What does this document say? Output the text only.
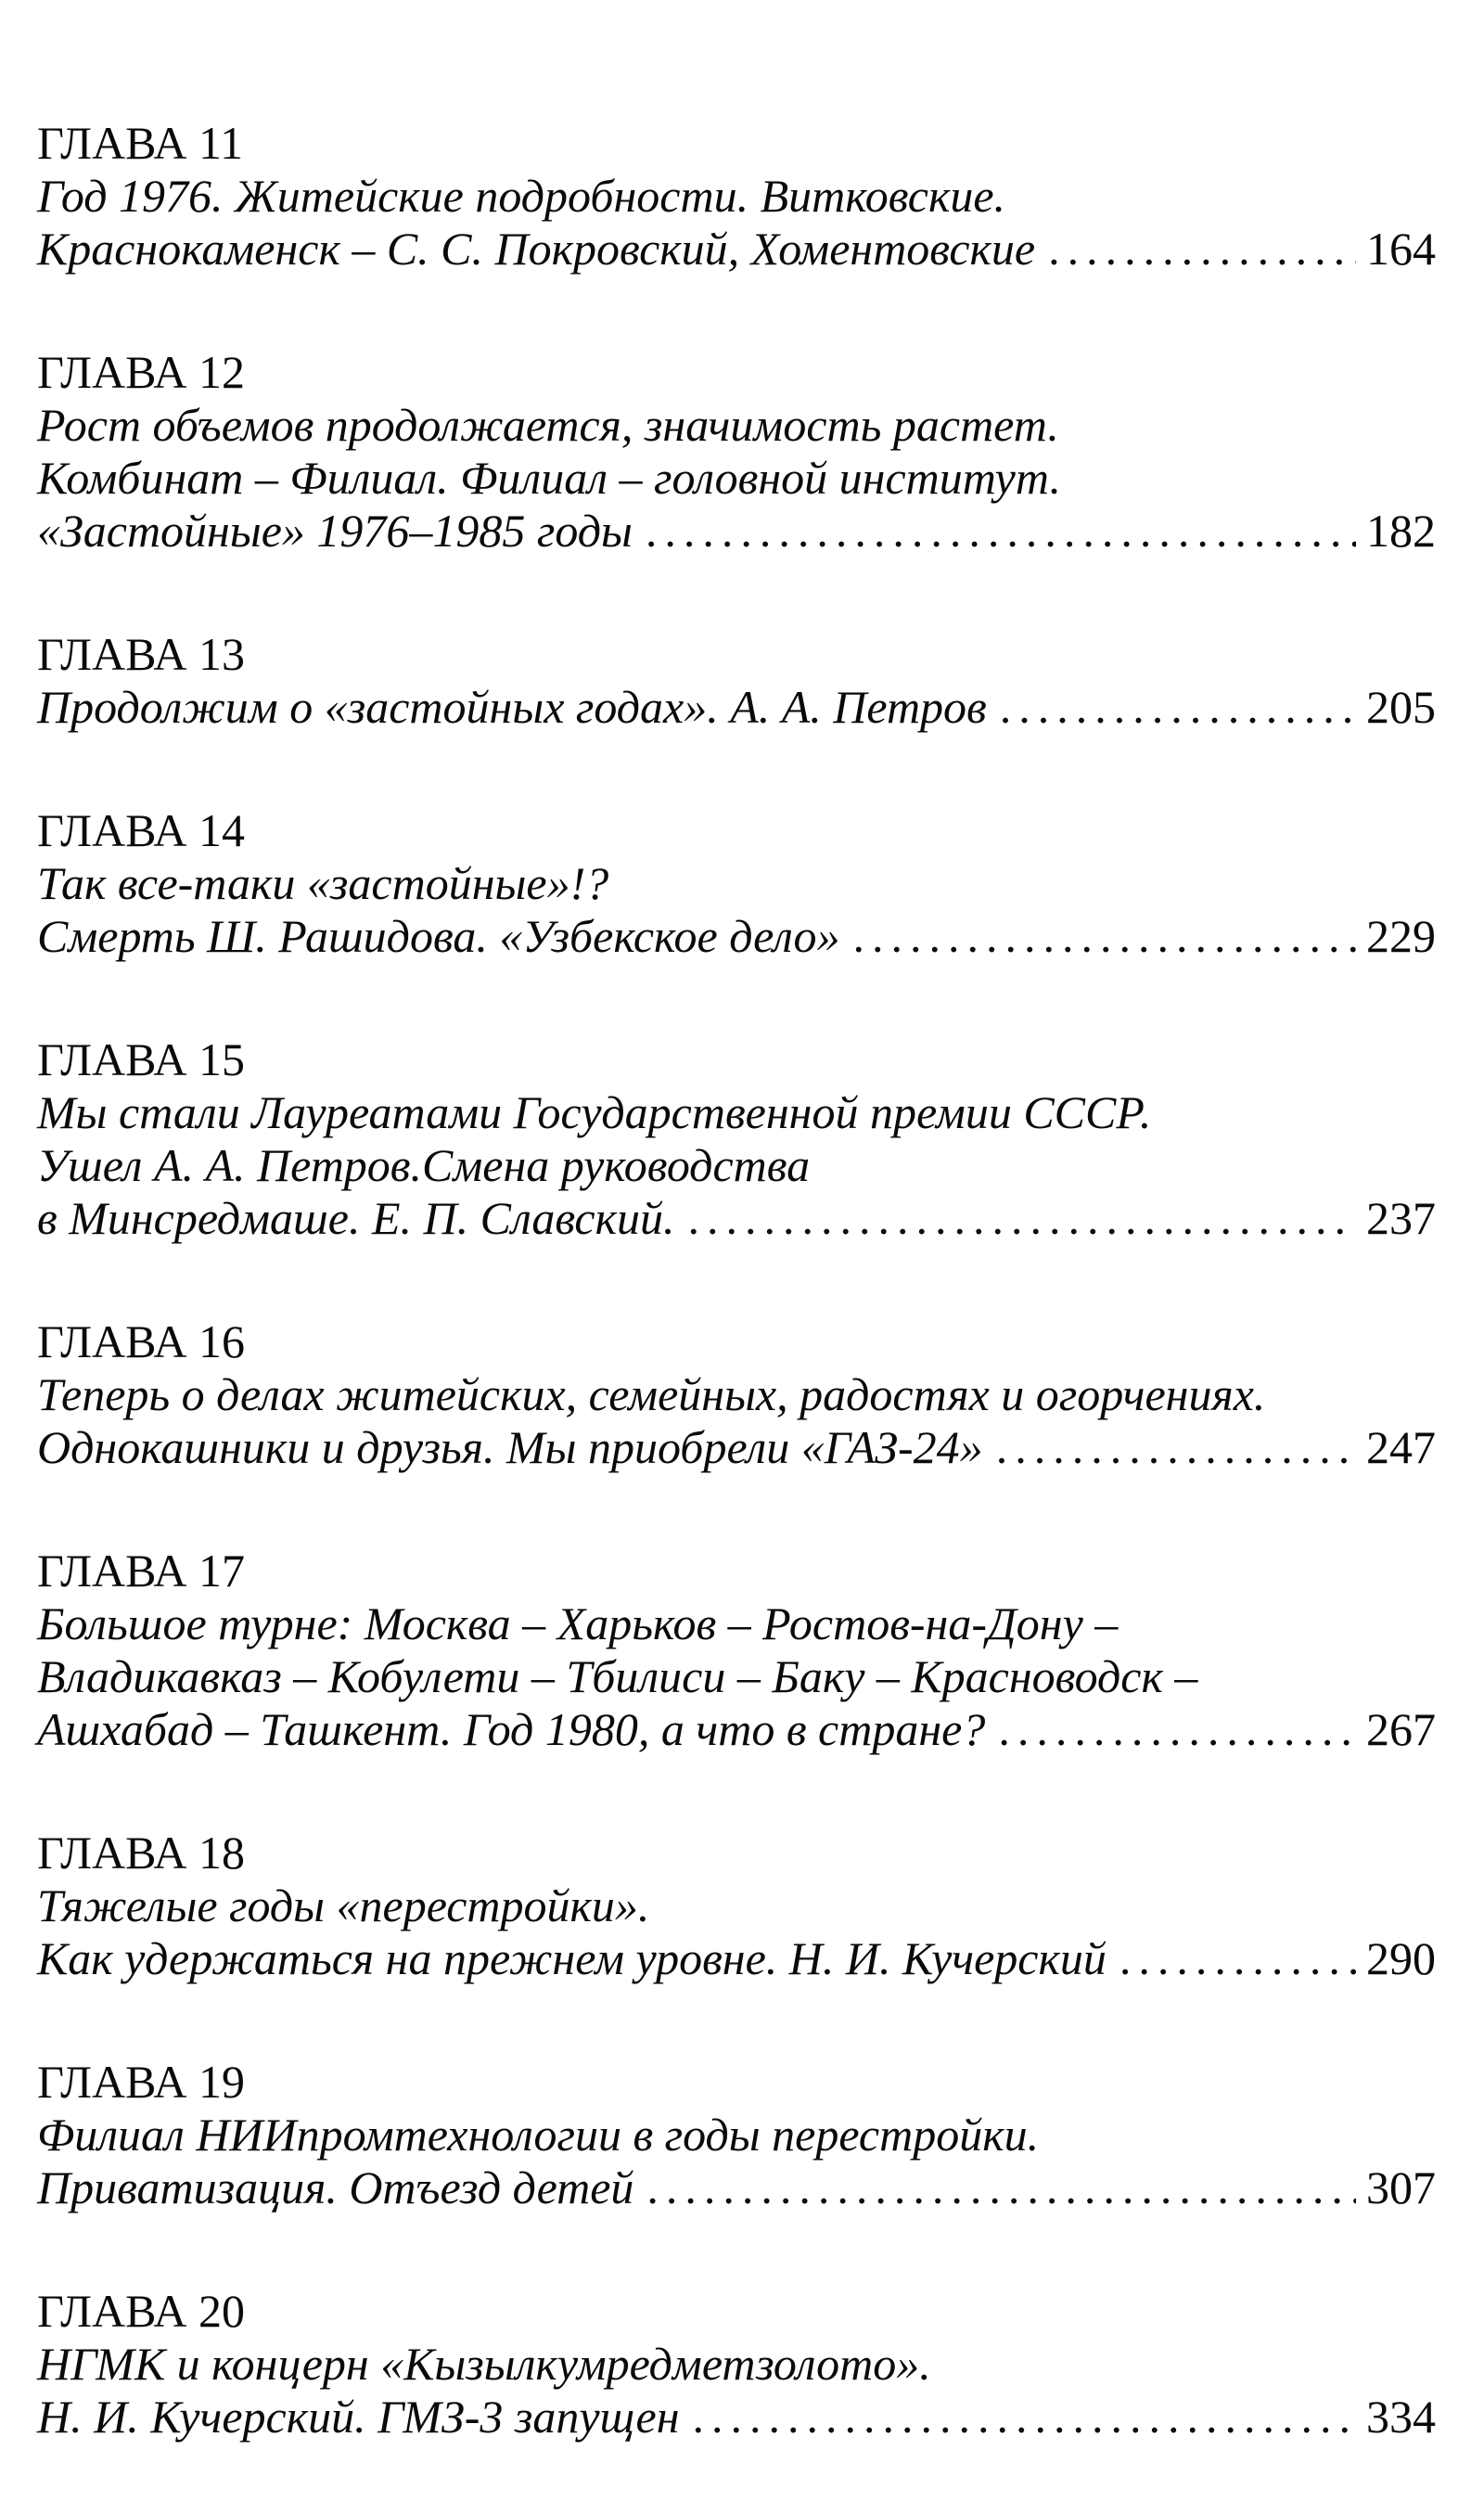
ГЛАВА 11
Год 1976. Житейские подробности. Витковские.
Краснокаменск – С. С. Покровский, Хоментовские .....	164
ГЛАВА 12
Рост объемов продолжается, значимость растет.
Комбинат – Филиал. Филиал – головной институт.
«Застойные» 1976–1985 годы .....	182
ГЛАВА 13
Продолжим о «застойных годах». А. А. Петров .....	205
ГЛАВА 14
Так все-таки «застойные»!?
Смерть Ш. Рашидова. «Узбекское дело» .....	229
ГЛАВА 15
Мы стали Лауреатами Государственной премии СССР.
Ушел А. А. Петров.Смена руководства
в Минсредмаше. Е. П. Славский. .....	237
ГЛАВА 16
Теперь о делах житейских, семейных, радостях и огорчениях.
Однокашники и друзья. Мы приобрели «ГАЗ-24» .....	247
ГЛАВА 17
Большое турне: Москва – Харьков – Ростов-на-Дону –
Владикавказ – Кобулети – Тбилиси – Баку – Красноводск –
Ашхабад – Ташкент. Год 1980, а что в стране? .....	267
ГЛАВА 18
Тяжелые годы «перестройки».
Как удержаться на прежнем уровне. Н. И. Кучерский .....	290
ГЛАВА 19
Филиал НИИпромтехнологии в годы перестройки.
Приватизация. Отъезд детей .....	307
ГЛАВА 20
НГМК и концерн «Кызылкумредметзолото».
Н. И. Кучерский. ГМЗ-3 запущен .....	334
